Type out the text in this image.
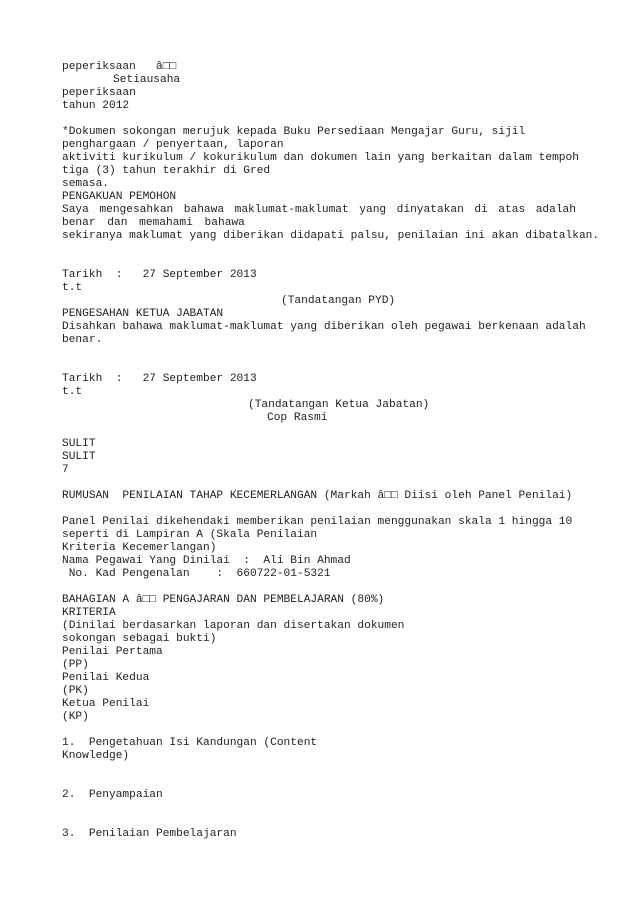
peperiksaan   â□□
Setiausaha
peperiksaan
tahun 2012
*Dokumen sokongan merujuk kepada Buku Persediaan Mengajar Guru, sijil
penghargaan / penyertaan, laporan
aktiviti kurikulum / kokurikulum dan dokumen lain yang berkaitan dalam tempoh
tiga (3) tahun terakhir di Gred
semasa.
PENGAKUAN PEMOHON
Saya mengesahkan bahawa maklumat-maklumat yang dinyatakan di atas adalah
benar dan memahami bahawa
sekiranya maklumat yang diberikan didapati palsu, penilaian ini akan dibatalkan.
Tarikh  :   27 September 2013
t.t
(Tandatangan PYD)
PENGESAHAN KETUA JABATAN
Disahkan bahawa maklumat-maklumat yang diberikan oleh pegawai berkenaan adalah
benar.
Tarikh  :   27 September 2013
t.t
(Tandatangan Ketua Jabatan)
Cop Rasmi
SULIT
SULIT
7
RUMUSAN  PENILAIAN TAHAP KECEMERLANGAN (Markah â□□ Diisi oleh Panel Penilai)
Panel Penilai dikehendaki memberikan penilaian menggunakan skala 1 hingga 10
seperti di Lampiran A (Skala Penilaian
Kriteria Kecemerlangan)
Nama Pegawai Yang Dinilai  :  Ali Bin Ahmad
No. Kad Pengenalan    :  660722-01-5321
BAHAGIAN A â□□ PENGAJARAN DAN PEMBELAJARAN (80%)
KRITERIA
(Dinilai berdasarkan laporan dan disertakan dokumen
sokongan sebagai bukti)
Penilai Pertama
(PP)
Penilai Kedua
(PK)
Ketua Penilai
(KP)
1.  Pengetahuan Isi Kandungan (Content
Knowledge)
2.  Penyampaian
3.  Penilaian Pembelajaran
